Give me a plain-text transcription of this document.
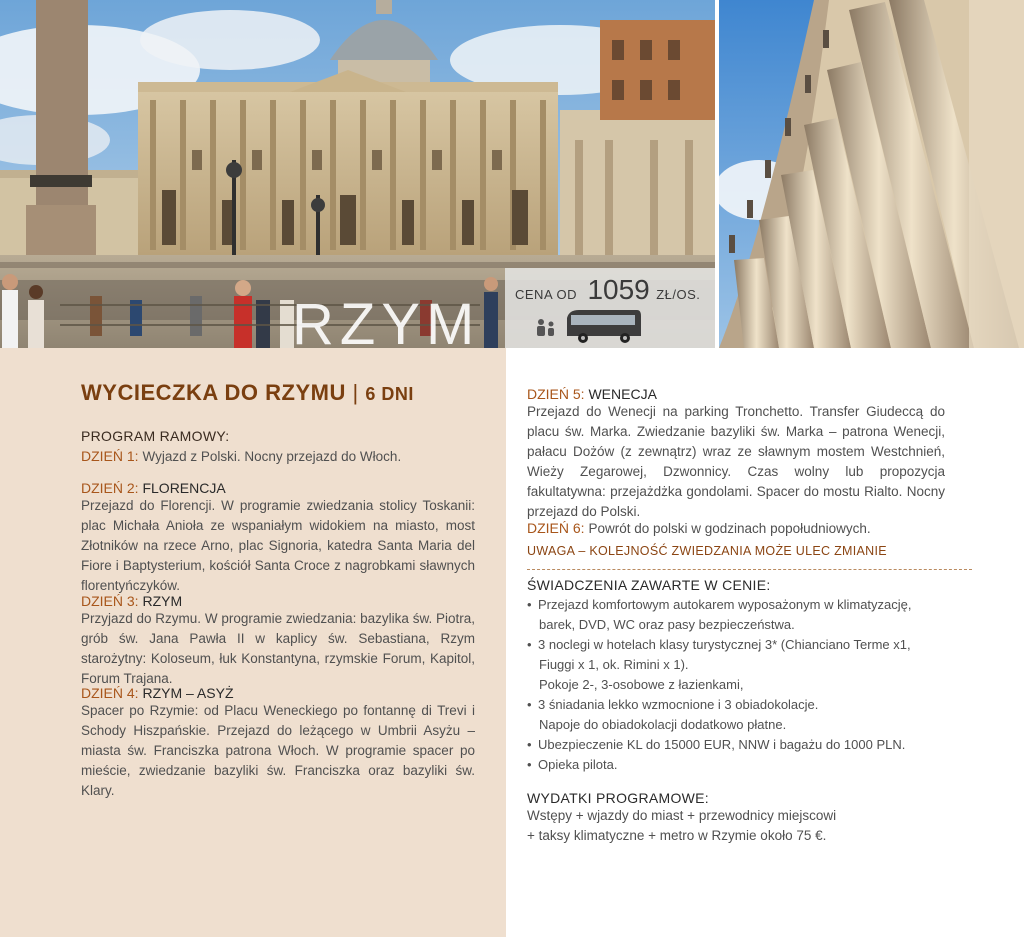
RZYM	CENA OD 1059 ZŁ/OS.
WYCIECZKA DO RZYMU | 6 DNI
PROGRAM RAMOWY:
DZIEŃ 1: Wyjazd z Polski. Nocny przejazd do Włoch.
DZIEŃ 2: FLORENCJA
Przejazd do Florencji. W programie zwiedzania stolicy Toskanii: plac Michała Anioła ze wspaniałym widokiem na miasto, most Złotników na rzece Arno, plac Signoria, katedra Santa Maria del Fiore i Baptysterium, kościół Santa Croce z nagrobkami sławnych florentyńczyków.
DZIEŃ 3: RZYM
Przyjazd do Rzymu. W programie zwiedzania: bazylika św. Piotra, grób św. Jana Pawła II w kaplicy św. Sebastiana, Rzym starożytny: Koloseum, łuk Konstantyna, rzymskie Forum, Kapitol, Forum Trajana.
DZIEŃ 4: RZYM – ASYŻ
Spacer po Rzymie: od Placu Weneckiego po fontannę di Trevi i Schody Hiszpańskie. Przejazd do leżącego w Umbrii Asyżu – miasta św. Franciszka patrona Włoch. W programie spacer po mieście, zwiedzanie bazyliki św. Franciszka oraz bazyliki św. Klary.
DZIEŃ 5: WENECJA
Przejazd do Wenecji na parking Tronchetto. Transfer Giudeccą do placu św. Marka. Zwiedzanie bazyliki św. Marka – patrona Wenecji, pałacu Dożów (z zewnątrz) wraz ze sławnym mostem Westchnień, Wieży Zegarowej, Dzwonnicy. Czas wolny lub propozycja fakultatywna: przejażdżka gondolami. Spacer do mostu Rialto. Nocny przejazd do Polski.
DZIEŃ 6: Powrót do polski w godzinach popołudniowych.
UWAGA – KOLEJNOŚĆ ZWIEDZANIA MOŻE ULEC ZMIANIE
ŚWIADCZENIA ZAWARTE W CENIE:
• Przejazd komfortowym autokarem wyposażonym w klimatyzację,
barek, DVD, WC oraz pasy bezpieczeństwa.
• 3 noclegi w hotelach klasy turystycznej 3* (Chianciano Terme x1,
Fiuggi x 1, ok. Rimini x 1).
Pokoje 2-, 3-osobowe z łazienkami,
• 3 śniadania lekko wzmocnione i 3 obiadokolacje.
Napoje do obiadokolacji dodatkowo płatne.
• Ubezpieczenie KL do 15000 EUR, NNW i bagażu do 1000 PLN.
• Opieka pilota.
WYDATKI PROGRAMOWE:
Wstępy + wjazdy do miast + przewodnicy miejscowi
+ taksy klimatyczne + metro w Rzymie około 75 €.
